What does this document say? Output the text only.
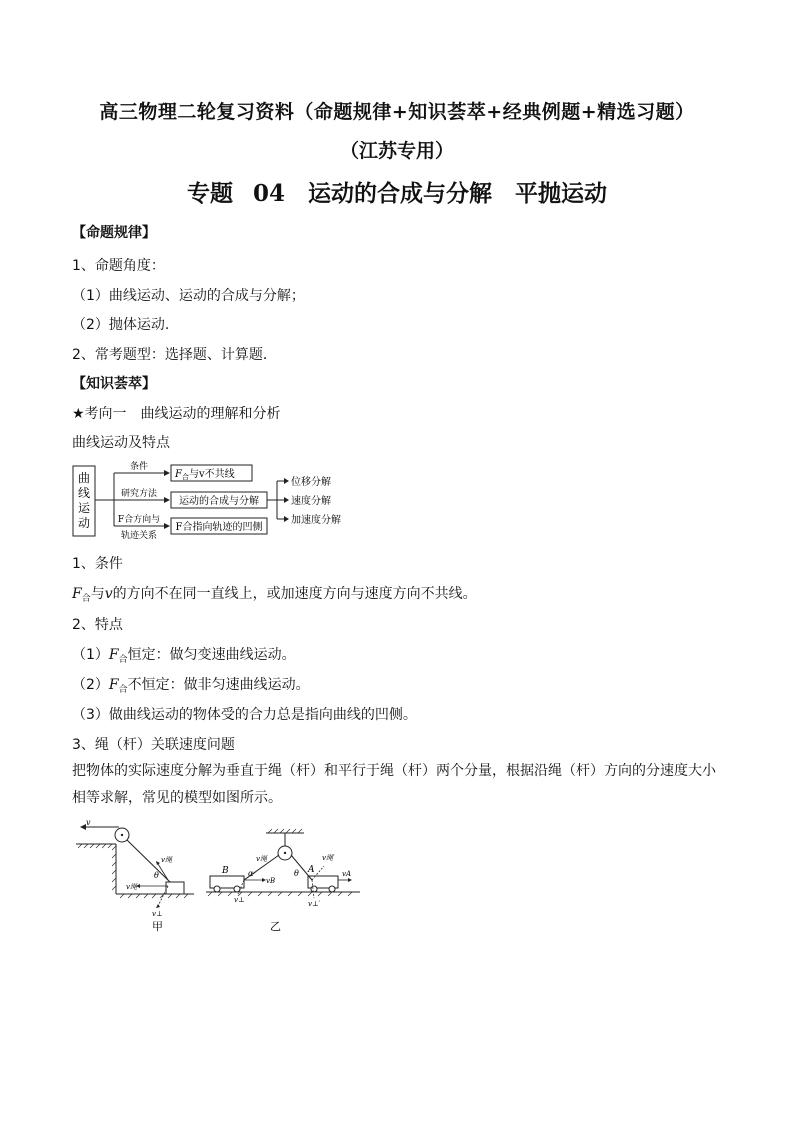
高三物理二轮复习资料（命题规律+知识荟萃+经典例题+精选习题）
（江苏专用）
专题 04　运动的合成与分解　平抛运动
【命题规律】
1、命题角度：
（1）曲线运动、运动的合成与分解；
（2）抛体运动.
2、常考题型：选择题、计算题．
【知识荟萃】
★考向一　曲线运动的理解和分析
曲线运动及特点
曲
线
运
动
条件
研究方法
F合方向与
轨迹关系
$F_合$与v不共线
运动的合成与分解
F合指向轨迹的凹侧
位移分解
速度分解
加速度分解
1、条件
$F_合$与v的方向不在同一直线上，或加速度方向与速度方向不共线。
2、特点
$(1)F_合$恒定：做匀变速曲线运动。
$(2)F_合$不恒定：做非匀速曲线运动。
（3）做曲线运动的物体受的合力总是指向曲线的凹侧。
3、绳（杆）关联速度问题
把物体的实际速度分解为垂直于绳（杆）和平行于绳（杆）两个分量，根据沿绳（杆）方向的分速度大小相等求解，常见的模型如图所示。
v
v绳
θ
v绳
v⊥
甲
B	A
vB
v绳
v⊥
α	vA
v绳′
v⊥′
θ
乙
